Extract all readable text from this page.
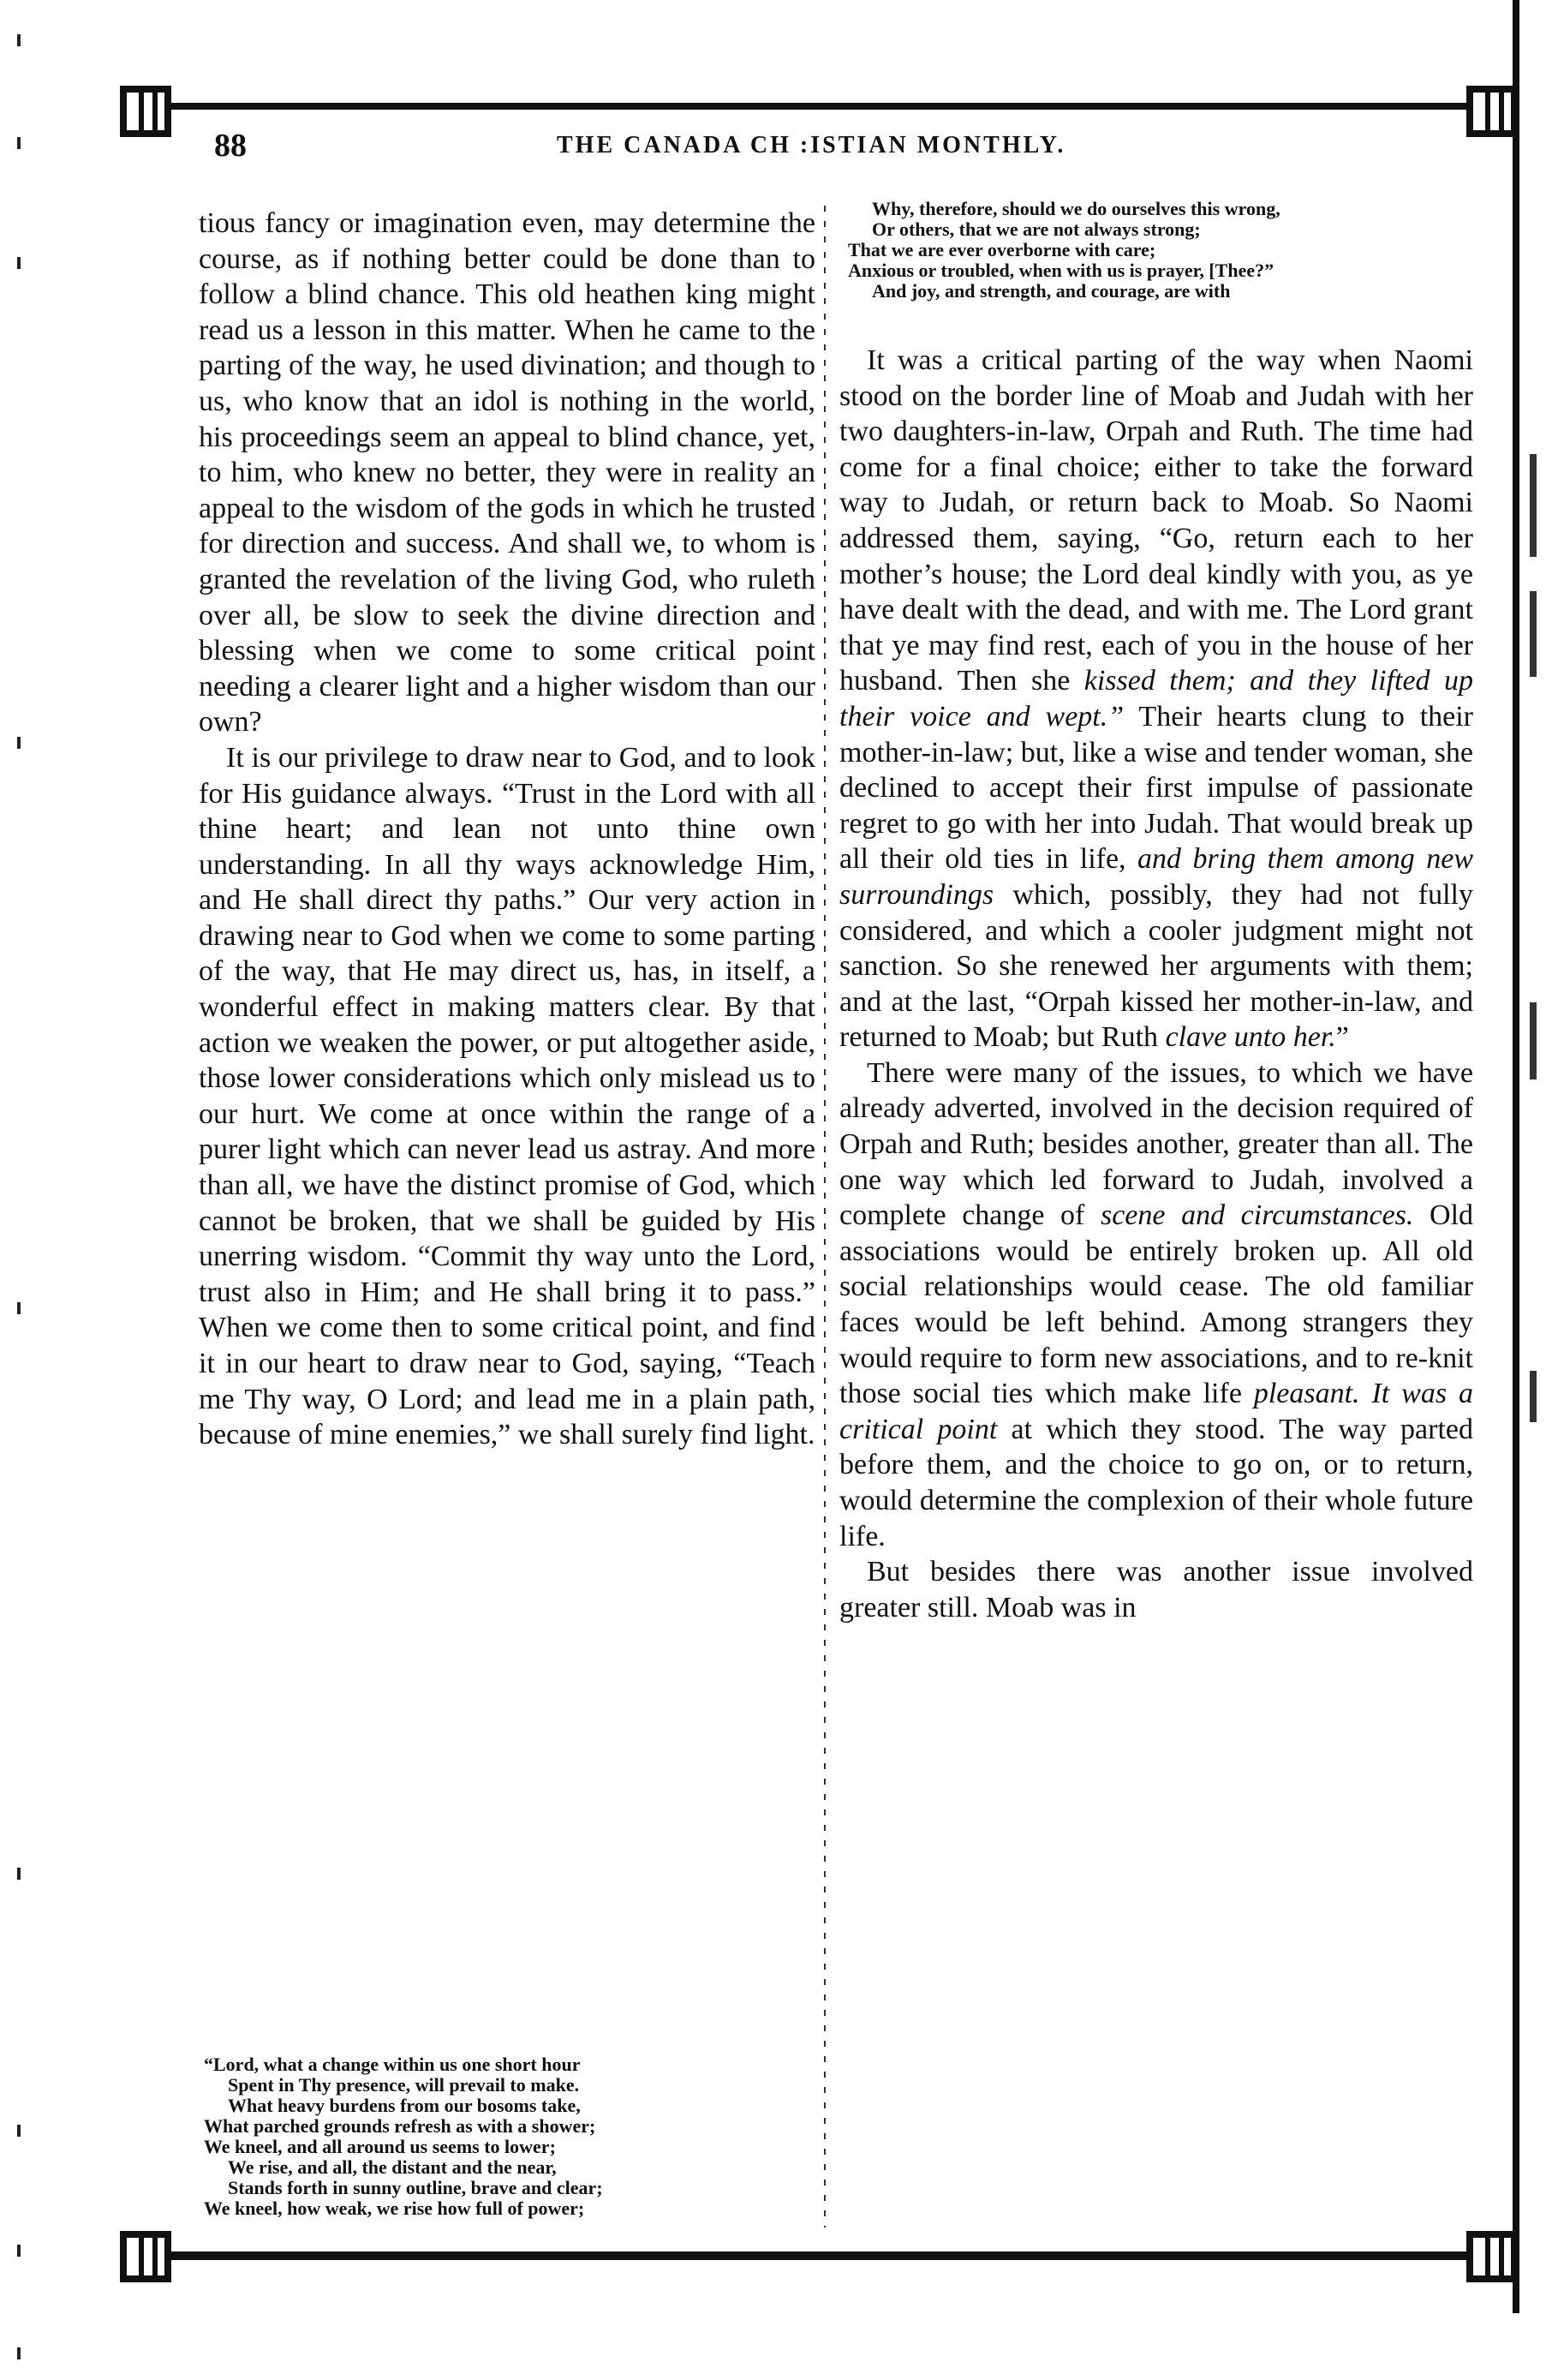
88	THE CANADA CH :ISTIAN MONTHLY.

tious fancy or imagination even, may determine the course, as if nothing better could be done than to follow a blind chance. This old heathen king might read us a lesson in this matter. When he came to the parting of the way, he used divination; and though to us, who know that an idol is nothing in the world, his proceedings seem an appeal to blind chance, yet, to him, who knew no better, they were in reality an appeal to the wisdom of the gods in which he trusted for direction and success. And shall we, to whom is granted the revelation of the living God, who ruleth over all, be slow to seek the divine direction and blessing when we come to some critical point needing a clearer light and a higher wisdom than our own?

It is our privilege to draw near to God, and to look for His guidance always. “Trust in the Lord with all thine heart; and lean not unto thine own understanding. In all thy ways acknowledge Him, and He shall direct thy paths.” Our very action in drawing near to God when we come to some parting of the way, that He may direct us, has, in itself, a wonderful effect in making matters clear. By that action we weaken the power, or put altogether aside, those lower considerations which only mislead us to our hurt. We come at once within the range of a purer light which can never lead us astray. And more than all, we have the distinct promise of God, which cannot be broken, that we shall be guided by His unerring wisdom. “Commit thy way unto the Lord, trust also in Him; and He shall bring it to pass.” When we come then to some critical point, and find it in our heart to draw near to God, saying, “Teach me Thy way, O Lord; and lead me in a plain path, because of mine enemies,” we shall surely find light.

“Lord, what a change within us one short hour
Spent in Thy presence, will prevail to make.
What heavy burdens from our bosoms take,
What parched grounds refresh as with a shower;
We kneel, and all around us seems to lower;
We rise, and all, the distant and the near,
Stands forth in sunny outline, brave and clear;
We kneel, how weak, we rise how full of power;
Why, therefore, should we do ourselves this wrong,
Or others, that we are not always strong;
That we are ever overborne with care;
Anxious or troubled, when with us is prayer, [Thee?”
And joy, and strength, and courage, are with

It was a critical parting of the way when Naomi stood on the border line of Moab and Judah with her two daughters-in-law, Orpah and Ruth. The time had come for a final choice; either to take the forward way to Judah, or return back to Moab. So Naomi addressed them, saying, “Go, return each to her mother’s house; the Lord deal kindly with you, as ye have dealt with the dead, and with me. The Lord grant that ye may find rest, each of you in the house of her husband. Then she kissed them; and they lifted up their voice and wept.” Their hearts clung to their mother-in-law; but, like a wise and tender woman, she declined to accept their first impulse of passionate regret to go with her into Judah. That would break up all their old ties in life, and bring them among new surroundings which, possibly, they had not fully considered, and which a cooler judgment might not sanction. So she renewed her arguments with them; and at the last, “Orpah kissed her mother-in-law, and returned to Moab; but Ruth clave unto her.”

There were many of the issues, to which we have already adverted, involved in the decision required of Orpah and Ruth; besides another, greater than all. The one way which led forward to Judah, involved a complete change of scene and circumstances. Old associations would be entirely broken up. All old social relationships would cease. The old familiar faces would be left behind. Among strangers they would require to form new associations, and to re-knit those social ties which make life pleasant. It was a critical point at which they stood. The way parted before them, and the choice to go on, or to return, would determine the complexion of their whole future life.

But besides there was another issue involved greater still. Moab was in
